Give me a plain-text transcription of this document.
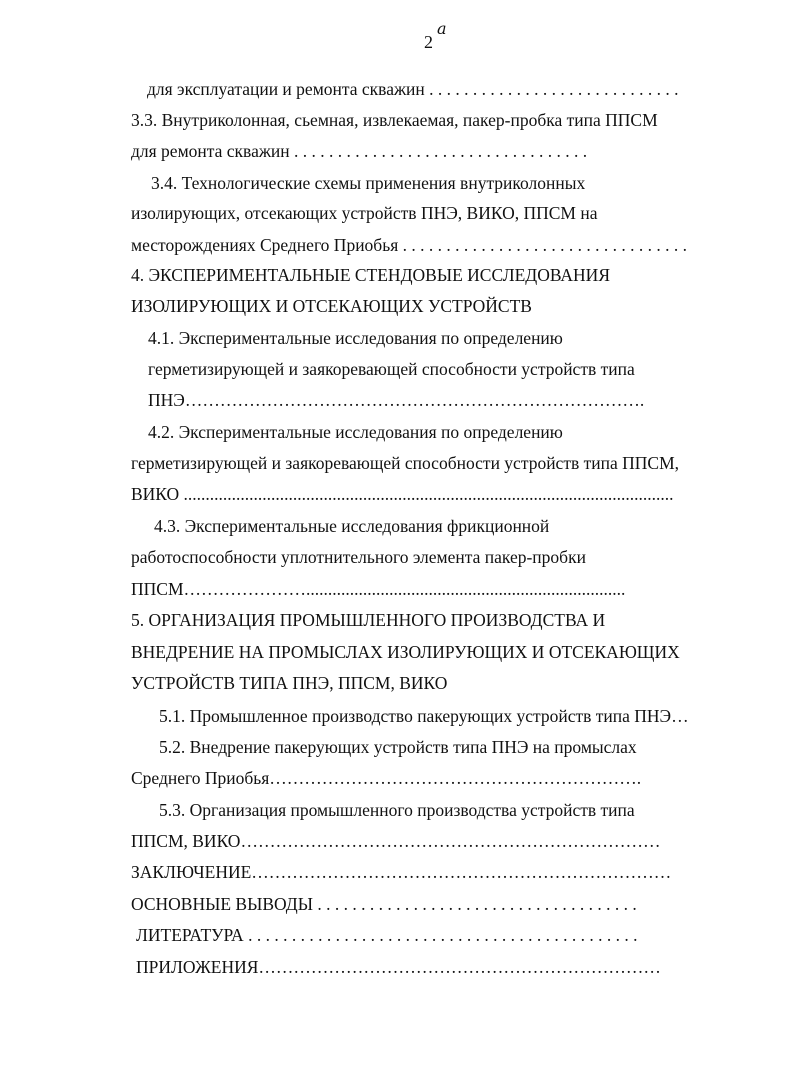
2
a
для эксплуатации и ремонта скважин . . . . . . . . . . . . . . . . . . . . . . . . . . . . .
3.3. Внутриколонная, сьемная, извлекаемая, пакер-пробка типа ППСМ
для ремонта скважин . . . . . . . . . . . . . . . . . . . . . . . . . . . . . . . . . .
3.4. Технологические схемы применения внутриколонных
изолирующих, отсекающих устройств ПНЭ, ВИКО, ППСМ на
месторождениях Среднего Приобья . . . . . . . . . . . . . . . . . . . . . . . . . . . . . . . . .
4. ЭКСПЕРИМЕНТАЛЬНЫЕ СТЕНДОВЫЕ ИССЛЕДОВАНИЯ
ИЗОЛИРУЮЩИХ И ОТСЕКАЮЩИХ УСТРОЙСТВ
4.1. Экспериментальные исследования по определению
герметизирующей и заякоревающей способности устройств типа
ПНЭ…………………………………………………………………….
4.2. Экспериментальные исследования по определению
герметизирующей и заякоревающей способности устройств типа ППСМ,
ВИКО ................................................................................................................
4.3. Экспериментальные исследования фрикционной
работоспособности уплотнительного элемента пакер-пробки
ППСМ………………….........................................................................
5. ОРГАНИЗАЦИЯ ПРОМЫШЛЕННОГО ПРОИЗВОДСТВА И
ВНЕДРЕНИЕ НА ПРОМЫСЛАХ ИЗОЛИРУЮЩИХ И ОТСЕКАЮЩИХ
УСТРОЙСТВ ТИПА ПНЭ, ППСМ, ВИКО
5.1. Промышленное производство пакерующих устройств типа ПНЭ…
5.2. Внедрение пакерующих устройств типа ПНЭ на промыслах
Среднего Приобья……………………………………………………….
5.3. Организация промышленного производства устройств типа
ППСМ, ВИКО………………………………………………………………
ЗАКЛЮЧЕНИЕ………………………………………………………………
ОСНОВНЫЕ ВЫВОДЫ . . . . . . . . . . . . . . . . . . . . . . . . . . . . . . . . . . . . .
ЛИТЕРАТУРА . . . . . . . . . . . . . . . . . . . . . . . . . . . . . . . . . . . . . . . . . . . . .
ПРИЛОЖЕНИЯ……………………………………………………………
